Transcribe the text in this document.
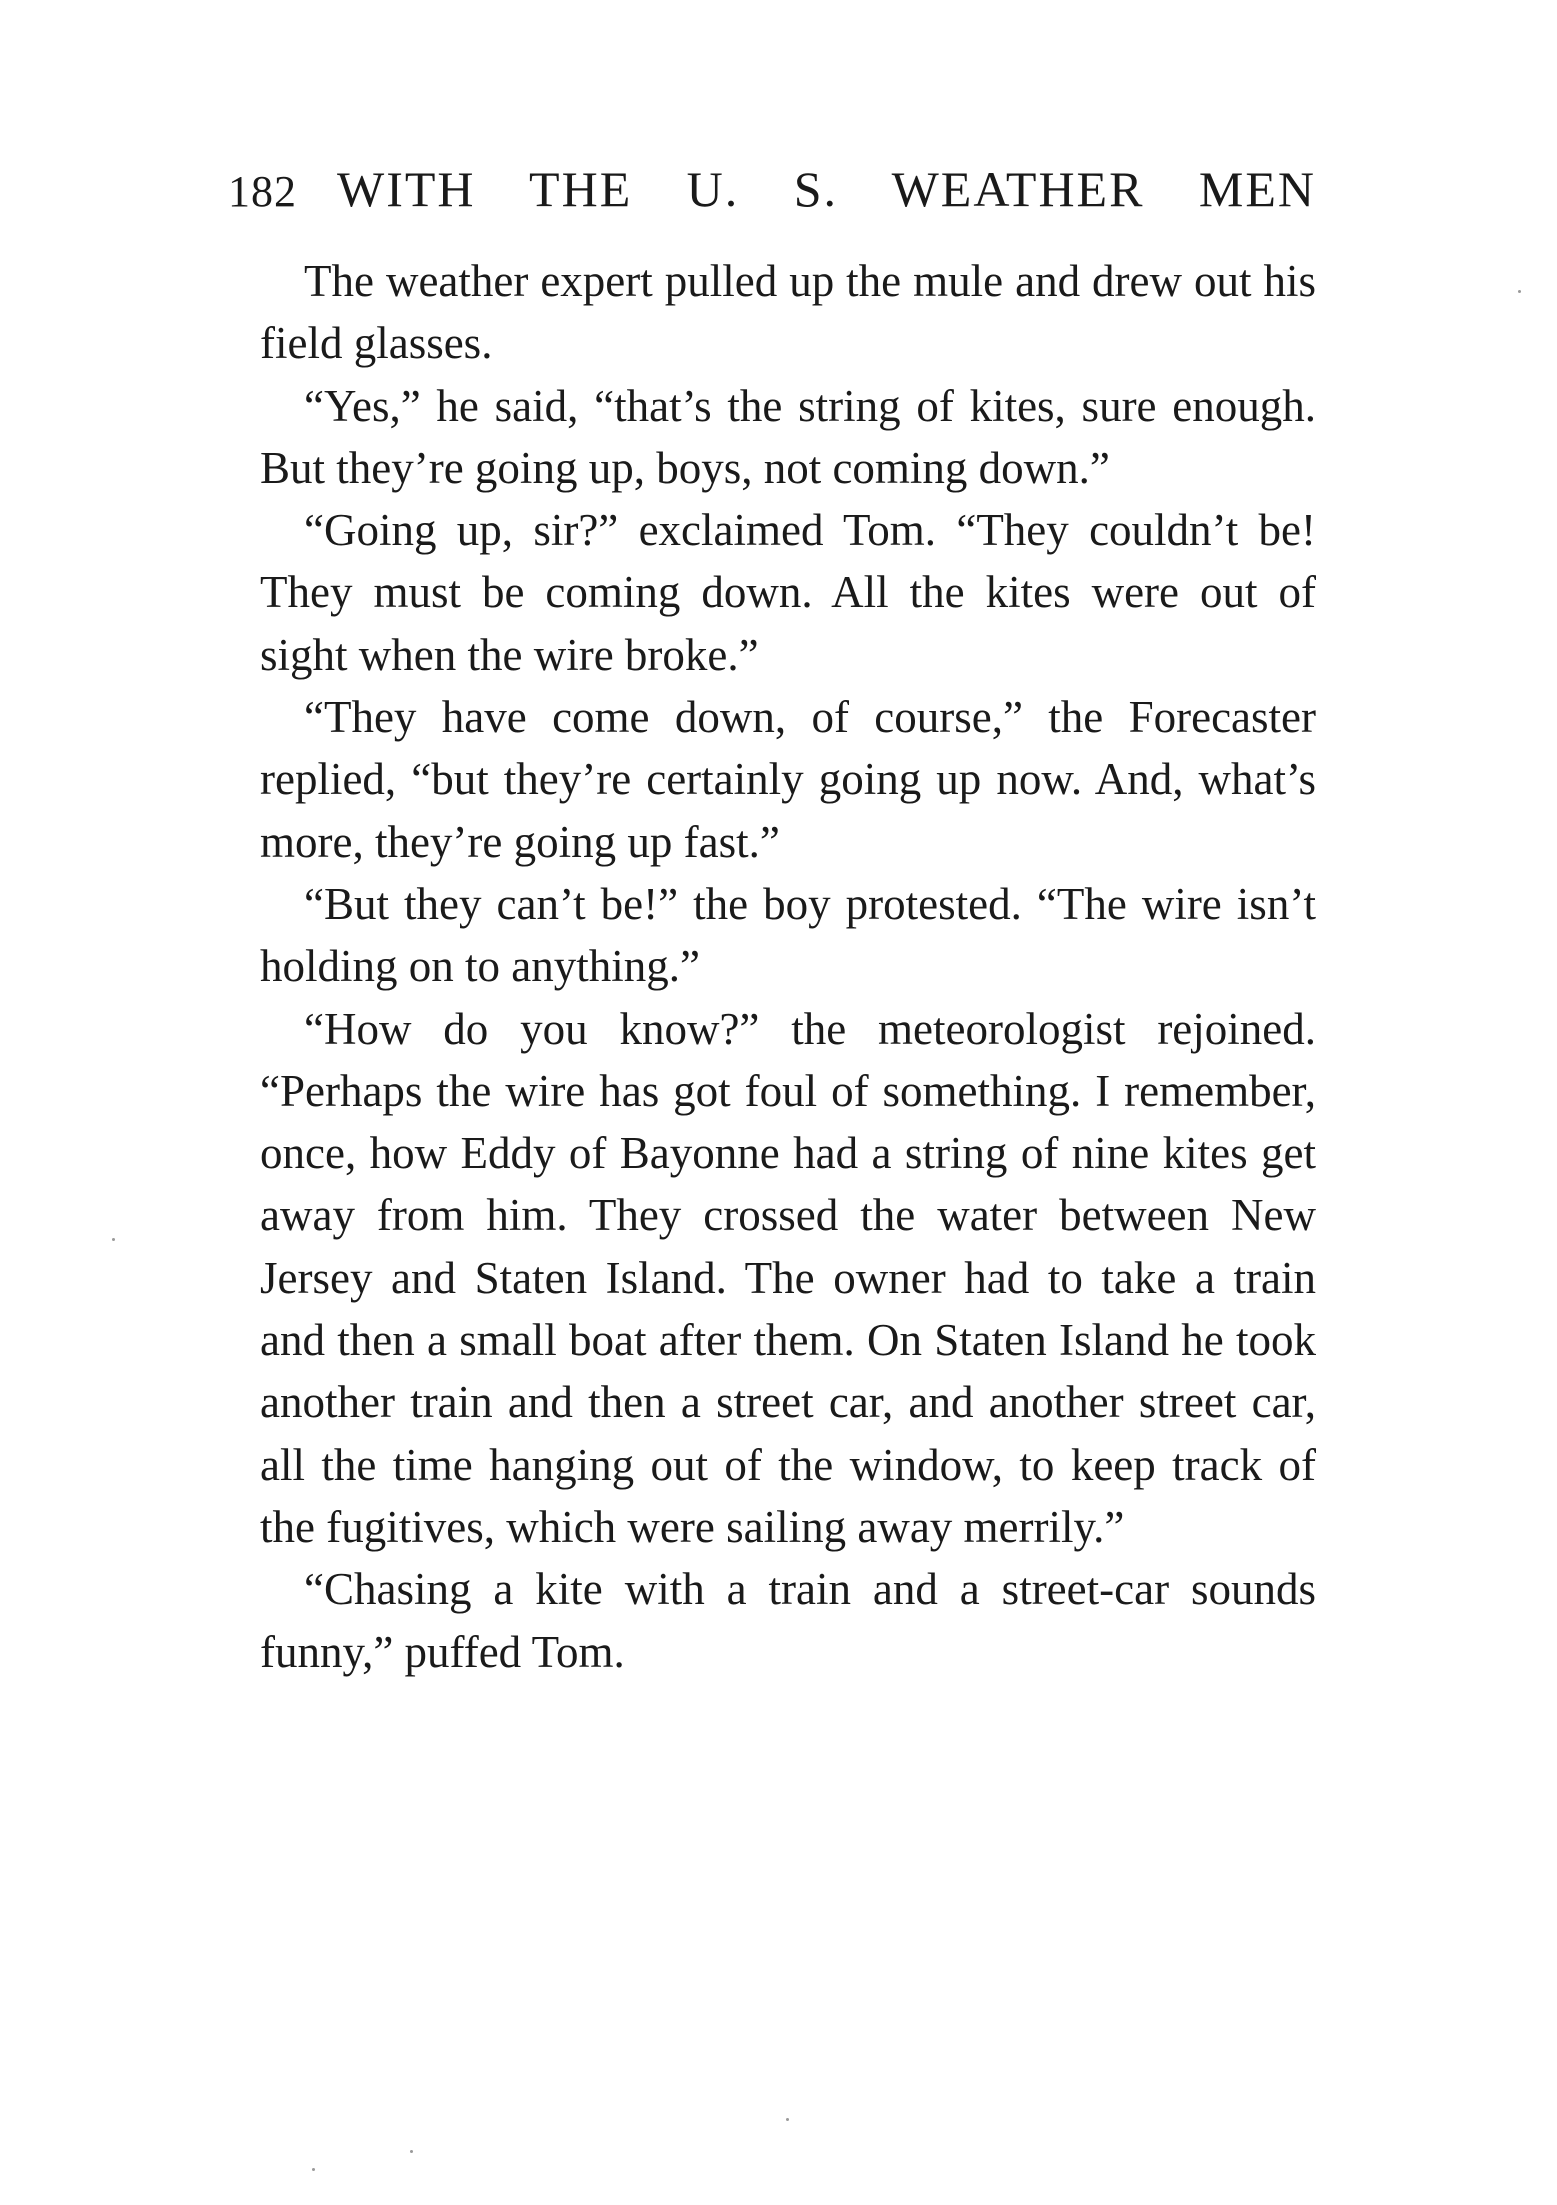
182 WITH THE U. S. WEATHER MEN

The weather expert pulled up the mule and drew out his field glasses.

“Yes,” he said, “that’s the string of kites, sure enough. But they’re going up, boys, not coming down.”

“Going up, sir?” exclaimed Tom. “They couldn’t be! They must be coming down. All the kites were out of sight when the wire broke.”

“They have come down, of course,” the Forecaster replied, “but they’re certainly going up now. And, what’s more, they’re going up fast.”

“But they can’t be!” the boy protested. “The wire isn’t holding on to anything.”

“How do you know?” the meteorologist rejoined. “Perhaps the wire has got foul of something. I remember, once, how Eddy of Bayonne had a string of nine kites get away from him. They crossed the water between New Jersey and Staten Island. The owner had to take a train and then a small boat after them. On Staten Island he took another train and then a street car, and another street car, all the time hanging out of the window, to keep track of the fugitives, which were sailing away merrily.”

“Chasing a kite with a train and a street-car sounds funny,” puffed Tom.
